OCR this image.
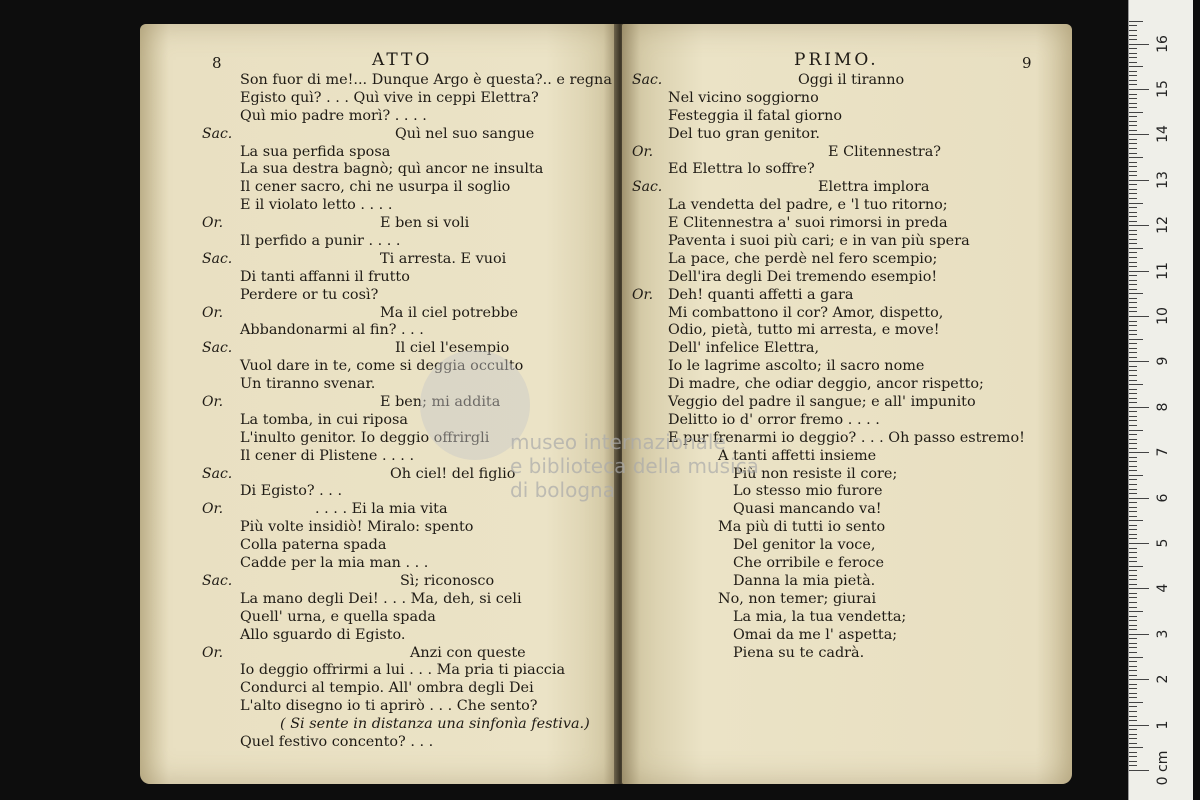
8	ATTO
Son fuor di me!... Dunque Argo è questa?.. e regna
Egisto quì? . . . Quì vive in ceppi Elettra?
Quì mio padre morì? . . . .
Sac.	Quì nel suo sangue
La sua perfida sposa
La sua destra bagnò; quì ancor ne insulta
Il cener sacro, chi ne usurpa il soglio
E il violato letto . . . .
Or.	E ben si voli
Il perfido a punir . . . .
Sac.	Ti arresta. E vuoi
Di tanti affanni il frutto
Perdere or tu così?
Or.	Ma il ciel potrebbe
Abbandonarmi al fin? . . .
Sac.	Il ciel l'esempio
Vuol dare in te, come si deggia occulto
Un tiranno svenar.
Or.	E ben; mi addita
La tomba, in cui riposa
L'inulto genitor. Io deggio offrirgli
Il cener di Plistene . . . .
Sac.	Oh ciel! del figlio
Di Egisto? . . .
Or.	. . . . Ei la mia vita
Più volte insidiò! Miralo: spento
Colla paterna spada
Cadde per la mia man . . .
Sac.	Sì; riconosco
La mano degli Dei! . . . Ma, deh, si celi
Quell' urna, e quella spada
Allo sguardo di Egisto.
Or.	Anzi con queste
Io deggio offrirmi a lui . . . Ma pria ti piaccia
Condurci al tempio. All' ombra degli Dei
L'alto disegno io ti aprirò . . . Che sento?
( Si sente in distanza una sinfonìa festiva.)
Quel festivo concento? . . .
PRIMO.	9
Sac.	Oggi il tiranno
Nel vicino soggiorno
Festeggia il fatal giorno
Del tuo gran genitor.
Or.	E Clitennestra?
Ed Elettra lo soffre?
Sac.	Elettra implora
La vendetta del padre, e 'l tuo ritorno;
E Clitennestra a' suoi rimorsi in preda
Paventa i suoi più cari; e in van più spera
La pace, che perdè nel fero scempio;
Dell'ira degli Dei tremendo esempio!
Or. Deh! quanti affetti a gara
Mi combattono il cor? Amor, dispetto,
Odio, pietà, tutto mi arresta, e move!
Dell' infelice Elettra,
Io le lagrime ascolto; il sacro nome
Di madre, che odiar deggio, ancor rispetto;
Veggio del padre il sangue; e all' impunito
Delitto io d' orror fremo . . . .
E pur frenarmi io deggio? . . . Oh passo estremo!
A tanti affetti insieme
Più non resiste il core;
Lo stesso mio furore
Quasi mancando va!
Ma più di tutti io sento
Del genitor la voce,
Che orribile e feroce
Danna la mia pietà.
No, non temer; giurai
La mia, la tua vendetta;
Omai da me l' aspetta;
Piena su te cadrà.
museo internazionale
e biblioteca della musica
di bologna
1
2
3
4
5
6
7
8
9
10
11
12
13
14
15
16
0 cm
